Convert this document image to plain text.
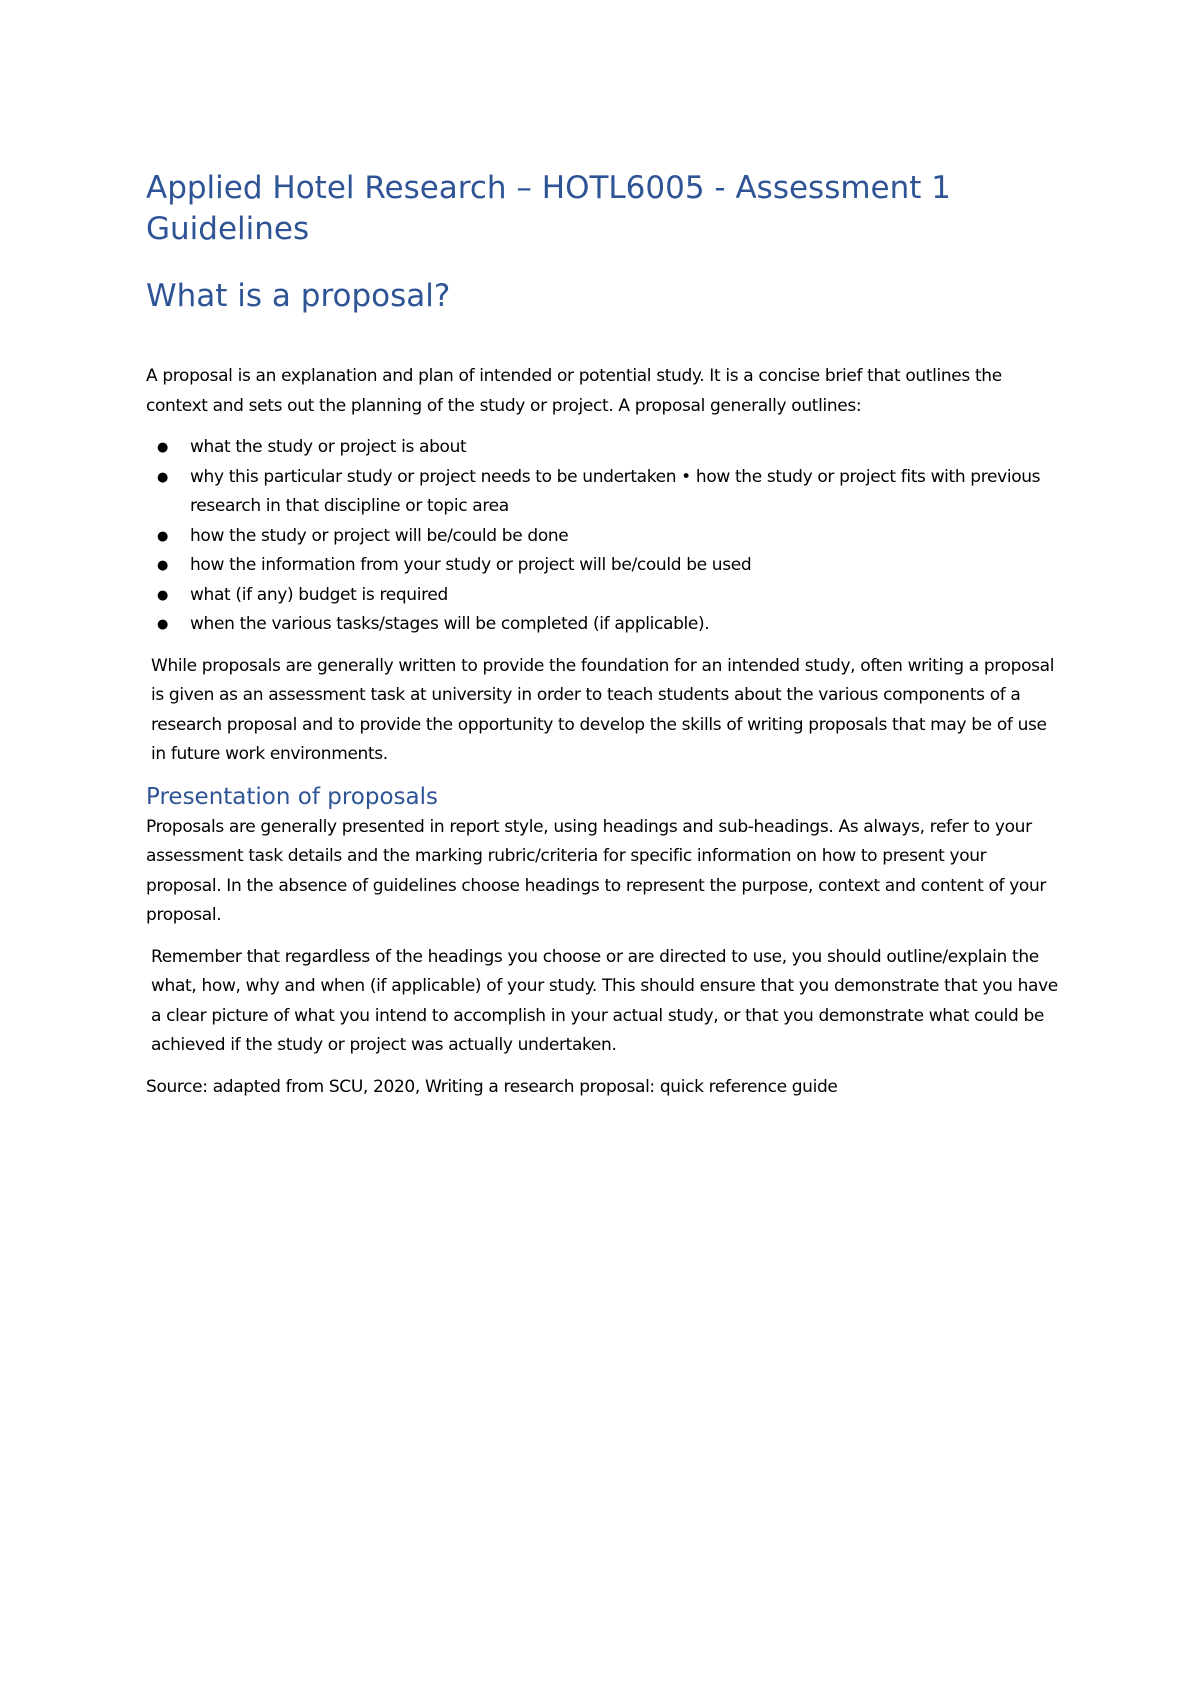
Applied Hotel Research – HOTL6005 - Assessment 1 Guidelines
What is a proposal?

A proposal is an explanation and plan of intended or potential study. It is a concise brief that outlines the context and sets out the planning of the study or project. A proposal generally outlines:

● what the study or project is about
● why this particular study or project needs to be undertaken • how the study or project fits with previous research in that discipline or topic area
● how the study or project will be/could be done
● how the information from your study or project will be/could be used
● what (if any) budget is required
● when the various tasks/stages will be completed (if applicable).

While proposals are generally written to provide the foundation for an intended study, often writing a proposal is given as an assessment task at university in order to teach students about the various components of a research proposal and to provide the opportunity to develop the skills of writing proposals that may be of use in future work environments.

Presentation of proposals

Proposals are generally presented in report style, using headings and sub-headings. As always, refer to your assessment task details and the marking rubric/criteria for specific information on how to present your proposal. In the absence of guidelines choose headings to represent the purpose, context and content of your proposal.

Remember that regardless of the headings you choose or are directed to use, you should outline/explain the what, how, why and when (if applicable) of your study. This should ensure that you demonstrate that you have a clear picture of what you intend to accomplish in your actual study, or that you demonstrate what could be achieved if the study or project was actually undertaken.

Source: adapted from SCU, 2020, Writing a research proposal: quick reference guide
